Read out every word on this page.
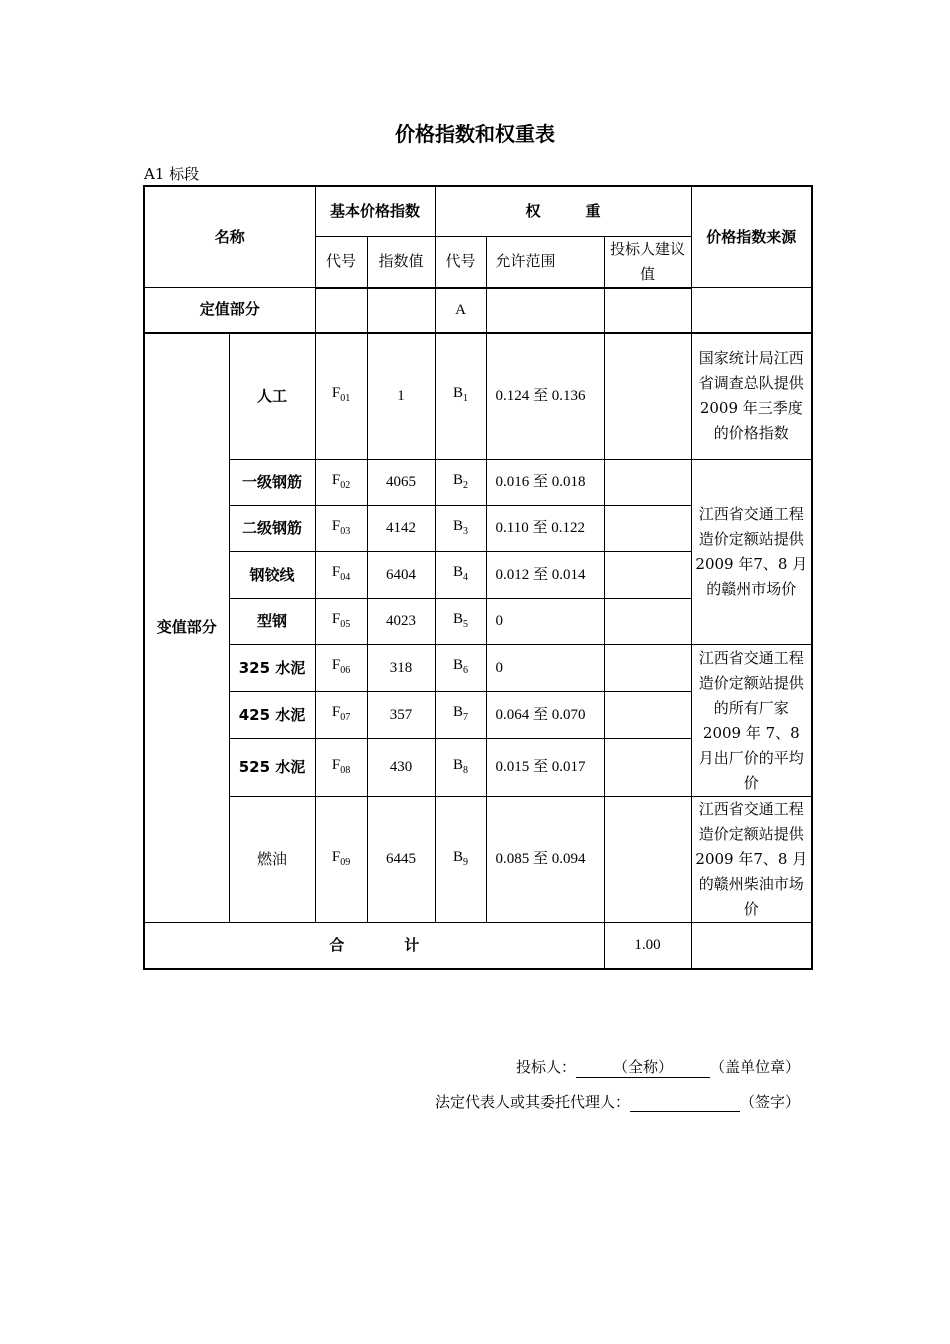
价格指数和权重表
A1 标段
名称		基本价格指数		权　　　重			价格指数来源
		代号	指数值	代号	允许范围	投标人建议值	
定值部分				A			
变值部分	人工	$F_{01}$	1	$B_1$	0.124 至 0.136		国家统计局江西省调查总队提供 2009 年三季度的价格指数
	一级钢筋	$F_{02}$	4065	$B_2$	0.016 至 0.018		江西省交通工程造价定额站提供 2009 年7、8 月的赣州市场价
	二级钢筋	$F_{03}$	4142	$B_3$	0.110 至 0.122		
	钢铰线	$F_{04}$	6404	$B_4$	0.012 至 0.014		
	型钢	$F_{05}$	4023	$B_5$	0		
	325 水泥	$F_{06}$	318	$B_6$	0		江西省交通工程造价定额站提供的所有厂家 2009 年 7、8 月出厂价的平均价
	425 水泥	$F_{07}$	357	$B_7$	0.064 至 0.070		
	525 水泥	$F_{08}$	430	$B_8$	0.015 至 0.017		
	燃油	$F_{09}$	6445	$B_9$	0.085 至 0.094		江西省交通工程造价定额站提供 2009 年7、8 月的赣州柴油市场价
合　　　　计						1.00	
投标人： （全称） （盖单位章）
法定代表人或其委托代理人：	（签字）
